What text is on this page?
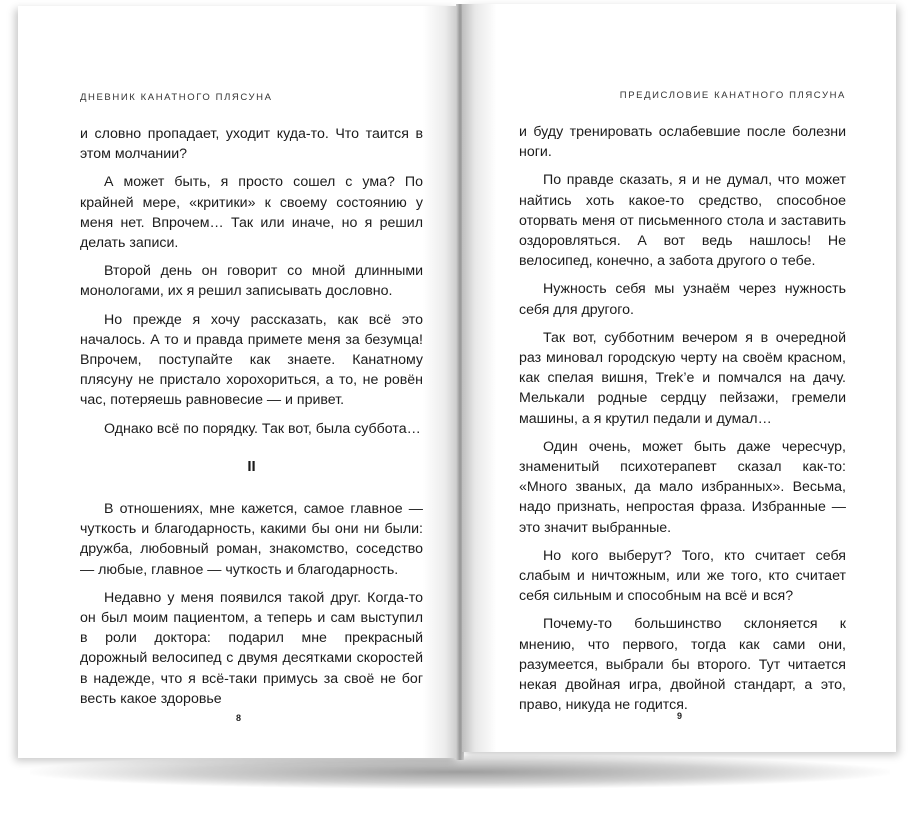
ДНЕВНИК КАНАТНОГО ПЛЯСУНА

и словно пропадает, уходит куда-то. Что таится в этом молчании?

А может быть, я просто сошел с ума? По крайней мере, «критики» к своему состоянию у меня нет. Впрочем… Так или иначе, но я решил делать записи.

Второй день он говорит со мной длинными монологами, их я решил записывать дословно.

Но прежде я хочу рассказать, как всё это началось. А то и правда примете меня за безумца! Впрочем, поступайте как знаете. Канатному плясуну не пристало хорохориться, а то, не ровён час, потеряешь равновесие — и привет.

Однако всё по порядку. Так вот, была суббота…

II

В отношениях, мне кажется, самое главное — чуткость и благодарность, какими бы они ни были: дружба, любовный роман, знакомство, соседство — любые, главное — чуткость и благодарность.

Недавно у меня появился такой друг. Когда-то он был моим пациентом, а теперь и сам выступил в роли доктора: подарил мне прекрасный дорожный велосипед с двумя десятками скоростей в надежде, что я всё-таки примусь за своё не бог весть какое здоровье

8
ПРЕДИСЛОВИЕ КАНАТНОГО ПЛЯСУНА

и буду тренировать ослабевшие после болезни ноги.

По правде сказать, я и не думал, что может найтись хоть какое-то средство, способное оторвать меня от письменного стола и заставить оздоровляться. А вот ведь нашлось! Не велосипед, конечно, а забота другого о тебе.

Нужность себя мы узнаём через нужность себя для другого.

Так вот, субботним вечером я в очередной раз миновал городскую черту на своём красном, как спелая вишня, Trek’e и помчался на дачу. Мелькали родные сердцу пейзажи, гремели машины, а я крутил педали и думал…

Один очень, может быть даже чересчур, знаменитый психотерапевт сказал как-то: «Много званых, да мало избранных». Весьма, надо признать, непростая фраза. Избранные — это значит выбранные.

Но кого выберут? Того, кто считает себя слабым и ничтожным, или же того, кто считает себя сильным и способным на всё и вся?

Почему-то большинство склоняется к мнению, что первого, тогда как сами они, разумеется, выбрали бы второго. Тут читается некая двойная игра, двойной стандарт, а это, право, никуда не годится.

9
